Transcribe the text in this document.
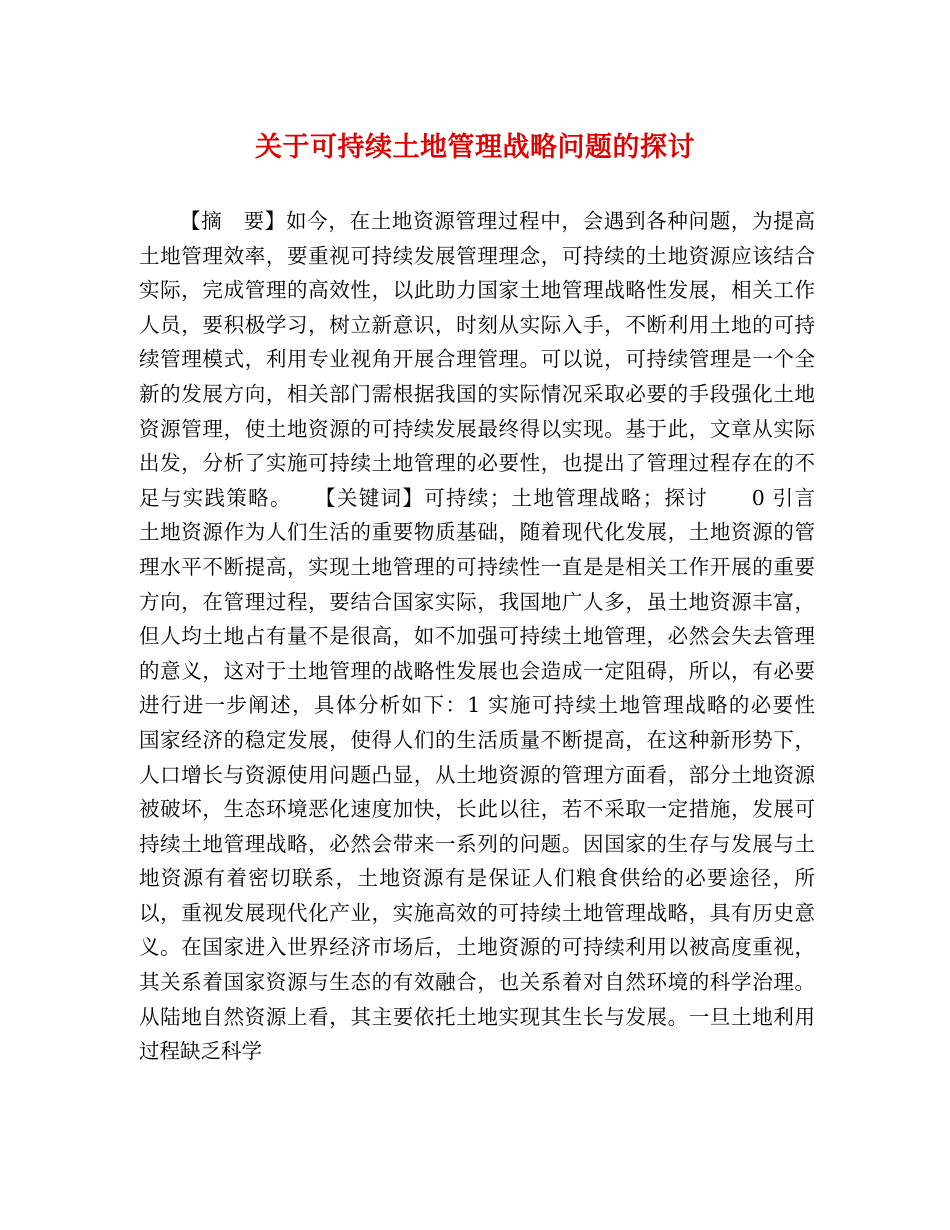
关于可持续土地管理战略问题的探讨

【摘　要】如今，在土地资源管理过程中，会遇到各种问题，为提高土地管理效率，要重视可持续发展管理理念，可持续的土地资源应该结合实际，完成管理的高效性，以此助力国家土地管理战略性发展，相关工作人员，要积极学习，树立新意识，时刻从实际入手，不断利用土地的可持续管理模式，利用专业视角开展合理管理。可以说，可持续管理是一个全新的发展方向，相关部门需根据我国的实际情况采取必要的手段强化土地资源管理，使土地资源的可持续发展最终得以实现。基于此，文章从实际出发，分析了实施可持续土地管理的必要性，也提出了管理过程存在的不足与实践策略。　　【关键词】可持续；土地管理战略；探讨　　0 引言　　土地资源作为人们生活的重要物质基础，随着现代化发展，土地资源的管理水平不断提高，实现土地管理的可持续性一直是是相关工作开展的重要方向，在管理过程，要结合国家实际，我国地广人多，虽土地资源丰富，但人均土地占有量不是很高，如不加强可持续土地管理，必然会失去管理的意义，这对于土地管理的战略性发展也会造成一定阻碍，所以，有必要进行进一步阐述，具体分析如下：1 实施可持续土地管理战略的必要性　　国家经济的稳定发展，使得人们的生活质量不断提高，在这种新形势下，人口增长与资源使用问题凸显，从土地资源的管理方面看，部分土地资源被破坏，生态环境恶化速度加快，长此以往，若不采取一定措施，发展可持续土地管理战略，必然会带来一系列的问题。因国家的生存与发展与土地资源有着密切联系，土地资源有是保证人们粮食供给的必要途径，所以，重视发展现代化产业，实施高效的可持续土地管理战略，具有历史意义。在国家进入世界经济市场后，土地资源的可持续利用以被高度重视，其关系着国家资源与生态的有效融合，也关系着对自然环境的科学治理。从陆地自然资源上看，其主要依托土地实现其生长与发展。一旦土地利用过程缺乏科学
